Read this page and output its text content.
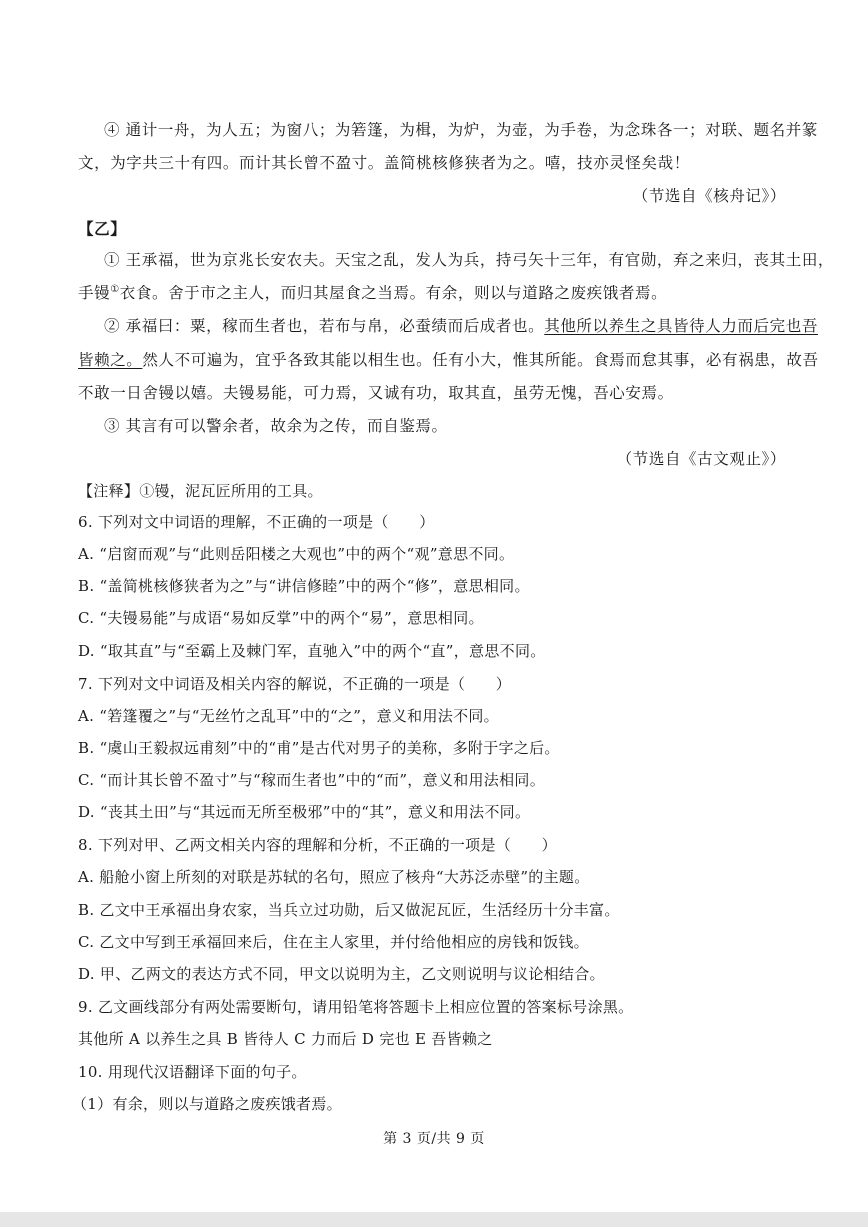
④ 通计一舟，为人五；为窗八；为箬篷，为楫，为炉，为壶，为手卷，为念珠各一；对联、题名并篆
文，为字共三十有四。而计其长曾不盈寸。盖简桃核修狭者为之。嘻，技亦灵怪矣哉！
（节选自《核舟记》）
【乙】
① 王承福，世为京兆长安农夫。天宝之乱，发人为兵，持弓矢十三年，有官勋，弃之来归，丧其土田，
手镘①衣食。舍于市之主人，而归其屋食之当焉。有余，则以与道路之废疾饿者焉。
② 承福曰：粟，稼而生者也，若布与帛，必蚕绩而后成者也。其他所以养生之具皆待人力而后完也吾
皆赖之。然人不可遍为，宜乎各致其能以相生也。任有小大，惟其所能。食焉而怠其事，必有祸患，故吾
不敢一日舍镘以嬉。夫镘易能，可力焉，又诚有功，取其直，虽劳无愧，吾心安焉。
③ 其言有可以警余者，故余为之传，而自鉴焉。
（节选自《古文观止》）
【注释】①镘，泥瓦匠所用的工具。
6. 下列对文中词语的理解，不正确的一项是（　　）
A. “启窗而观”与“此则岳阳楼之大观也”中的两个“观”意思不同。
B. “盖简桃核修狭者为之”与“讲信修睦”中的两个“修”，意思相同。
C. “夫镘易能”与成语“易如反掌”中的两个“易”，意思相同。
D. “取其直”与“至霸上及棘门军，直驰入”中的两个“直”，意思不同。
7. 下列对文中词语及相关内容的解说，不正确的一项是（　　）
A. “箬篷覆之”与“无丝竹之乱耳”中的“之”，意义和用法不同。
B. “虞山王毅叔远甫刻”中的“甫”是古代对男子的美称，多附于字之后。
C. “而计其长曾不盈寸”与“稼而生者也”中的“而”，意义和用法相同。
D. “丧其土田”与“其远而无所至极邪”中的“其”，意义和用法不同。
8. 下列对甲、乙两文相关内容的理解和分析，不正确的一项是（　　）
A. 船舱小窗上所刻的对联是苏轼的名句，照应了核舟“大苏泛赤壁”的主题。
B. 乙文中王承福出身农家，当兵立过功勋，后又做泥瓦匠，生活经历十分丰富。
C. 乙文中写到王承福回来后，住在主人家里，并付给他相应的房钱和饭钱。
D. 甲、乙两文的表达方式不同，甲文以说明为主，乙文则说明与议论相结合。
9. 乙文画线部分有两处需要断句，请用铅笔将答题卡上相应位置的答案标号涂黑。
其他所 A 以养生之具 B 皆待人 C 力而后 D 完也 E 吾皆赖之
10. 用现代汉语翻译下面的句子。
（1）有余，则以与道路之废疾饿者焉。
第 3 页/共 9 页
